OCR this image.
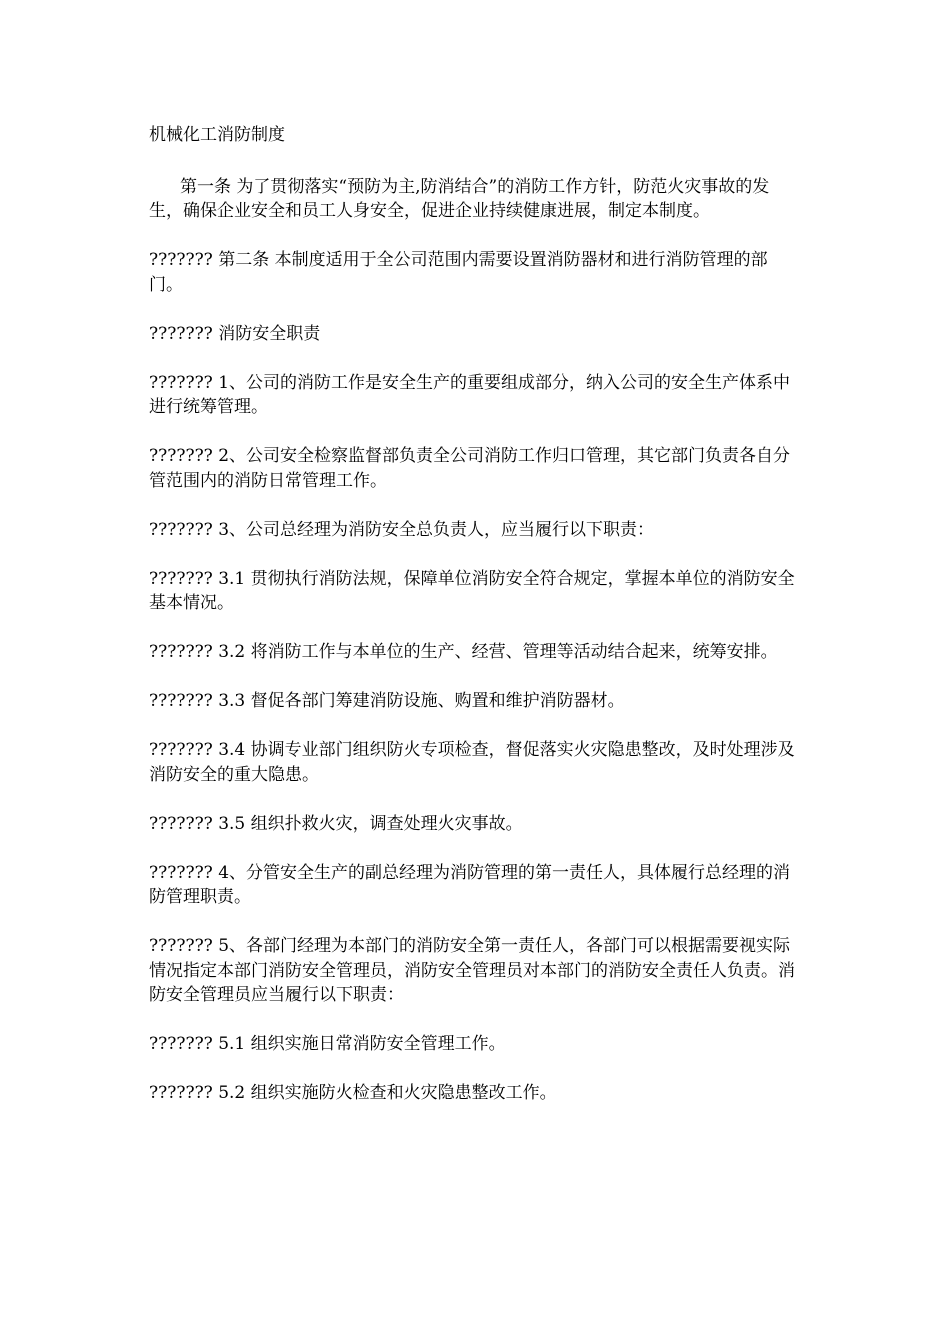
机械化工消防制度

第一条 为了贯彻落实“预防为主,防消结合”的消防工作方针，防范火灾事故的发生，确保企业安全和员工人身安全，促进企业持续健康进展，制定本制度。

??????? 第二条 本制度适用于全公司范围内需要设置消防器材和进行消防管理的部门。

??????? 消防安全职责

??????? 1、公司的消防工作是安全生产的重要组成部分，纳入公司的安全生产体系中进行统筹管理。

??????? 2、公司安全检察监督部负责全公司消防工作归口管理，其它部门负责各自分管范围内的消防日常管理工作。

??????? 3、公司总经理为消防安全总负责人，应当履行以下职责：

??????? 3.1 贯彻执行消防法规，保障单位消防安全符合规定，掌握本单位的消防安全基本情况。

??????? 3.2 将消防工作与本单位的生产、经营、管理等活动结合起来，统筹安排。

??????? 3.3 督促各部门筹建消防设施、购置和维护消防器材。

??????? 3.4 协调专业部门组织防火专项检查，督促落实火灾隐患整改，及时处理涉及消防安全的重大隐患。

??????? 3.5 组织扑救火灾，调查处理火灾事故。

??????? 4、分管安全生产的副总经理为消防管理的第一责任人，具体履行总经理的消防管理职责。

??????? 5、各部门经理为本部门的消防安全第一责任人，各部门可以根据需要视实际情况指定本部门消防安全管理员，消防安全管理员对本部门的消防安全责任人负责。消防安全管理员应当履行以下职责：

??????? 5.1 组织实施日常消防安全管理工作。

??????? 5.2 组织实施防火检查和火灾隐患整改工作。
